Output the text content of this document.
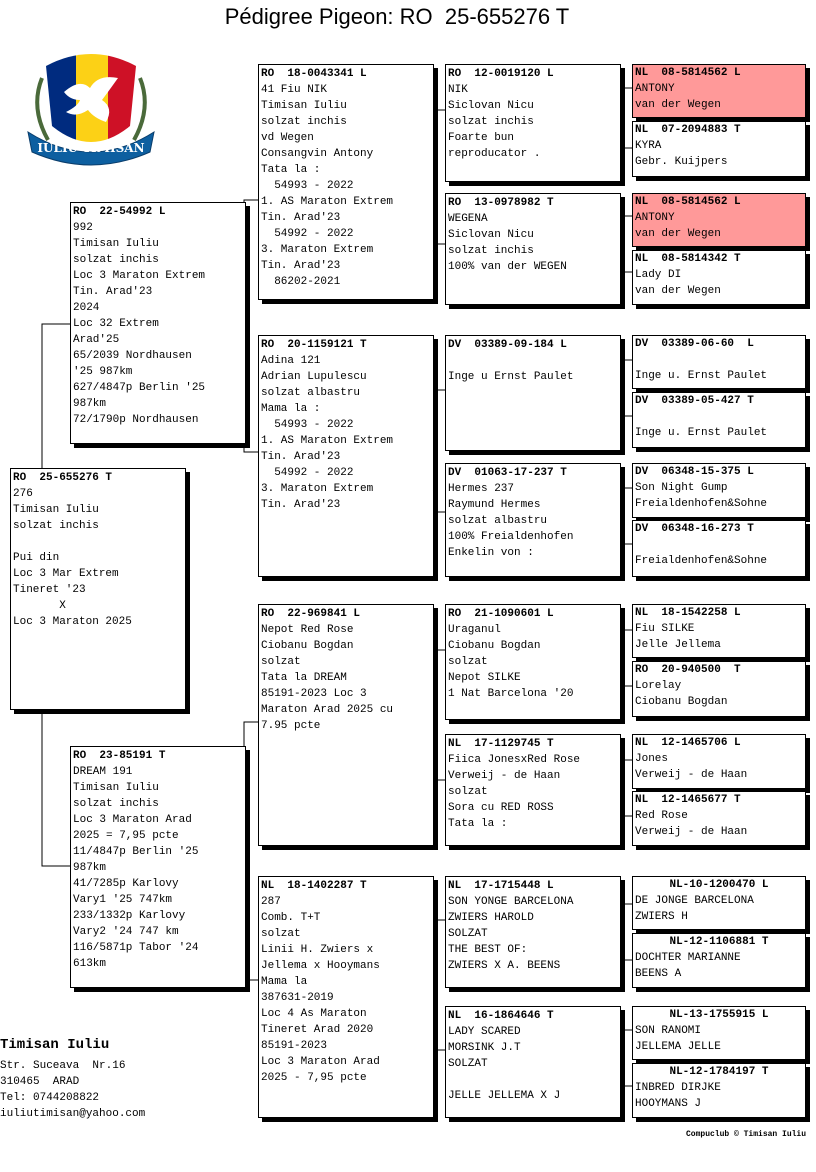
Pédigree Pigeon: RO  25-655276 T
IULIU TIMISAN
RO  25-655276 T
276
Timisan Iuliu
solzat inchis
Pui din
Loc 3 Mar Extrem
Tineret '23
X
Loc 3 Maraton 2025
RO  22-54992 L
992
Timisan Iuliu
solzat inchis
Loc 3 Maraton Extrem
Tin. Arad'23
2024
Loc 32 Extrem
Arad'25
65/2039 Nordhausen
'25 987km
627/4847p Berlin '25
987km
72/1790p Nordhausen
RO  23-85191 T
DREAM 191
Timisan Iuliu
solzat inchis
Loc 3 Maraton Arad
2025 = 7,95 pcte
11/4847p Berlin '25
987km
41/7285p Karlovy
Vary1 '25 747km
233/1332p Karlovy
Vary2 '24 747 km
116/5871p Tabor '24
613km
RO  18-0043341 L
41 Fiu NIK
Timisan Iuliu
solzat inchis
vd Wegen
Consangvin Antony
Tata la :
54993 - 2022
1. AS Maraton Extrem
Tin. Arad'23
54992 - 2022
3. Maraton Extrem
Tin. Arad'23
86202-2021
RO  20-1159121 T
Adina 121
Adrian Lupulescu
solzat albastru
Mama la :
54993 - 2022
1. AS Maraton Extrem
Tin. Arad'23
54992 - 2022
3. Maraton Extrem
Tin. Arad'23
RO  22-969841 L
Nepot Red Rose
Ciobanu Bogdan
solzat
Tata la DREAM
85191-2023 Loc 3
Maraton Arad 2025 cu
7.95 pcte
NL  18-1402287 T
287
Comb. T+T
solzat
Linii H. Zwiers x
Jellema x Hooymans
Mama la
387631-2019
Loc 4 As Maraton
Tineret Arad 2020
85191-2023
Loc 3 Maraton Arad
2025 - 7,95 pcte
RO  12-0019120 L
NIK
Siclovan Nicu
solzat inchis
Foarte bun
reproducator .
RO  13-0978982 T
WEGENA
Siclovan Nicu
solzat inchis
100% van der WEGEN
DV  03389-09-184 L
Inge u Ernst Paulet
DV  01063-17-237 T
Hermes 237
Raymund Hermes
solzat albastru
100% Freialdenhofen
Enkelin von :
RO  21-1090601 L
Uraganul
Ciobanu Bogdan
solzat
Nepot SILKE
1 Nat Barcelona '20
NL  17-1129745 T
Fiica JonesxRed Rose
Verweij - de Haan
solzat
Sora cu RED ROSS
Tata la :
NL  17-1715448 L
SON YONGE BARCELONA
ZWIERS HAROLD
SOLZAT
THE BEST OF:
ZWIERS X A. BEENS
NL  16-1864646 T
LADY SCARED
MORSINK J.T
SOLZAT
JELLE JELLEMA X J
NL  08-5814562 L
ANTONY
van der Wegen
NL  07-2094883 T
KYRA
Gebr. Kuijpers
NL  08-5814562 L
ANTONY
van der Wegen
NL  08-5814342 T
Lady DI
van der Wegen
DV  03389-06-60  L
Inge u. Ernst Paulet
DV  03389-05-427 T
Inge u. Ernst Paulet
DV  06348-15-375 L
Son Night Gump
Freialdenhofen&Sohne
DV  06348-16-273 T
Freialdenhofen&Sohne
NL  18-1542258 L
Fiu SILKE
Jelle Jellema
RO  20-940500  T
Lorelay
Ciobanu Bogdan
NL  12-1465706 L
Jones
Verweij - de Haan
NL  12-1465677 T
Red Rose
Verweij - de Haan
NL-10-1200470 L
DE JONGE BARCELONA
ZWIERS H
NL-12-1106881 T
DOCHTER MARIANNE
BEENS A
NL-13-1755915 L
SON RANOMI
JELLEMA JELLE
NL-12-1784197 T
INBRED DIRJKE
HOOYMANS J
Timisan Iuliu
Str. Suceava  Nr.16
310465  ARAD
Tel: 0744208822
iuliutimisan@yahoo.com
Compuclub © Timisan Iuliu
